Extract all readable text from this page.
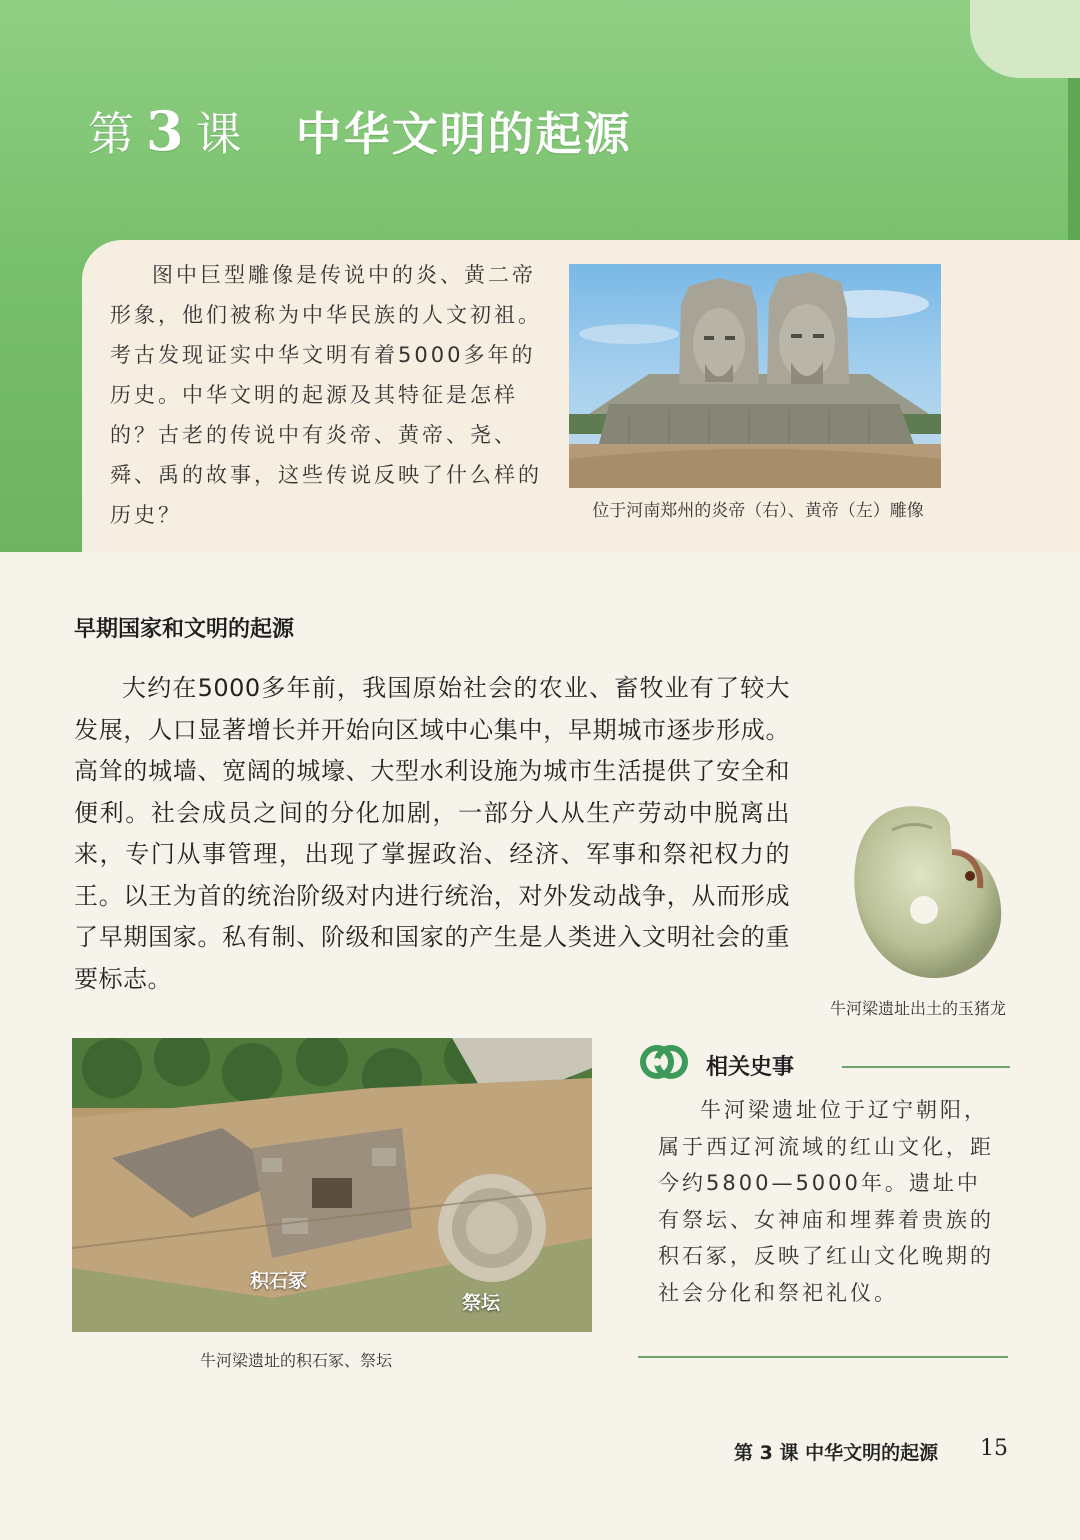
第 3 课 中华文明的起源

图中巨型雕像是传说中的炎、黄二帝形象，他们被称为中华民族的人文初祖。考古发现证实中华文明有着5000多年的历史。中华文明的起源及其特征是怎样的？古老的传说中有炎帝、黄帝、尧、舜、禹的故事，这些传说反映了什么样的历史？	位于河南郑州的炎帝（右）、黄帝（左）雕像
早期国家和文明的起源

大约在5000多年前，我国原始社会的农业、畜牧业有了较大发展，人口显著增长并开始向区域中心集中，早期城市逐步形成。高耸的城墙、宽阔的城壕、大型水利设施为城市生活提供了安全和便利。社会成员之间的分化加剧，一部分人从生产劳动中脱离出来，专门从事管理，出现了掌握政治、经济、军事和祭祀权力的王。以王为首的统治阶级对内进行统治，对外发动战争，从而形成了早期国家。私有制、阶级和国家的产生是人类进入文明社会的重要标志。

牛河梁遗址出土的玉猪龙
积石冢
祭坛
牛河梁遗址的积石冢、祭坛
相关史事

牛河梁遗址位于辽宁朝阳，属于西辽河流域的红山文化，距今约5800—5000年。遗址中有祭坛、女神庙和埋葬着贵族的积石冢，反映了红山文化晚期的社会分化和祭祀礼仪。

第 3 课 中华文明的起源 15
